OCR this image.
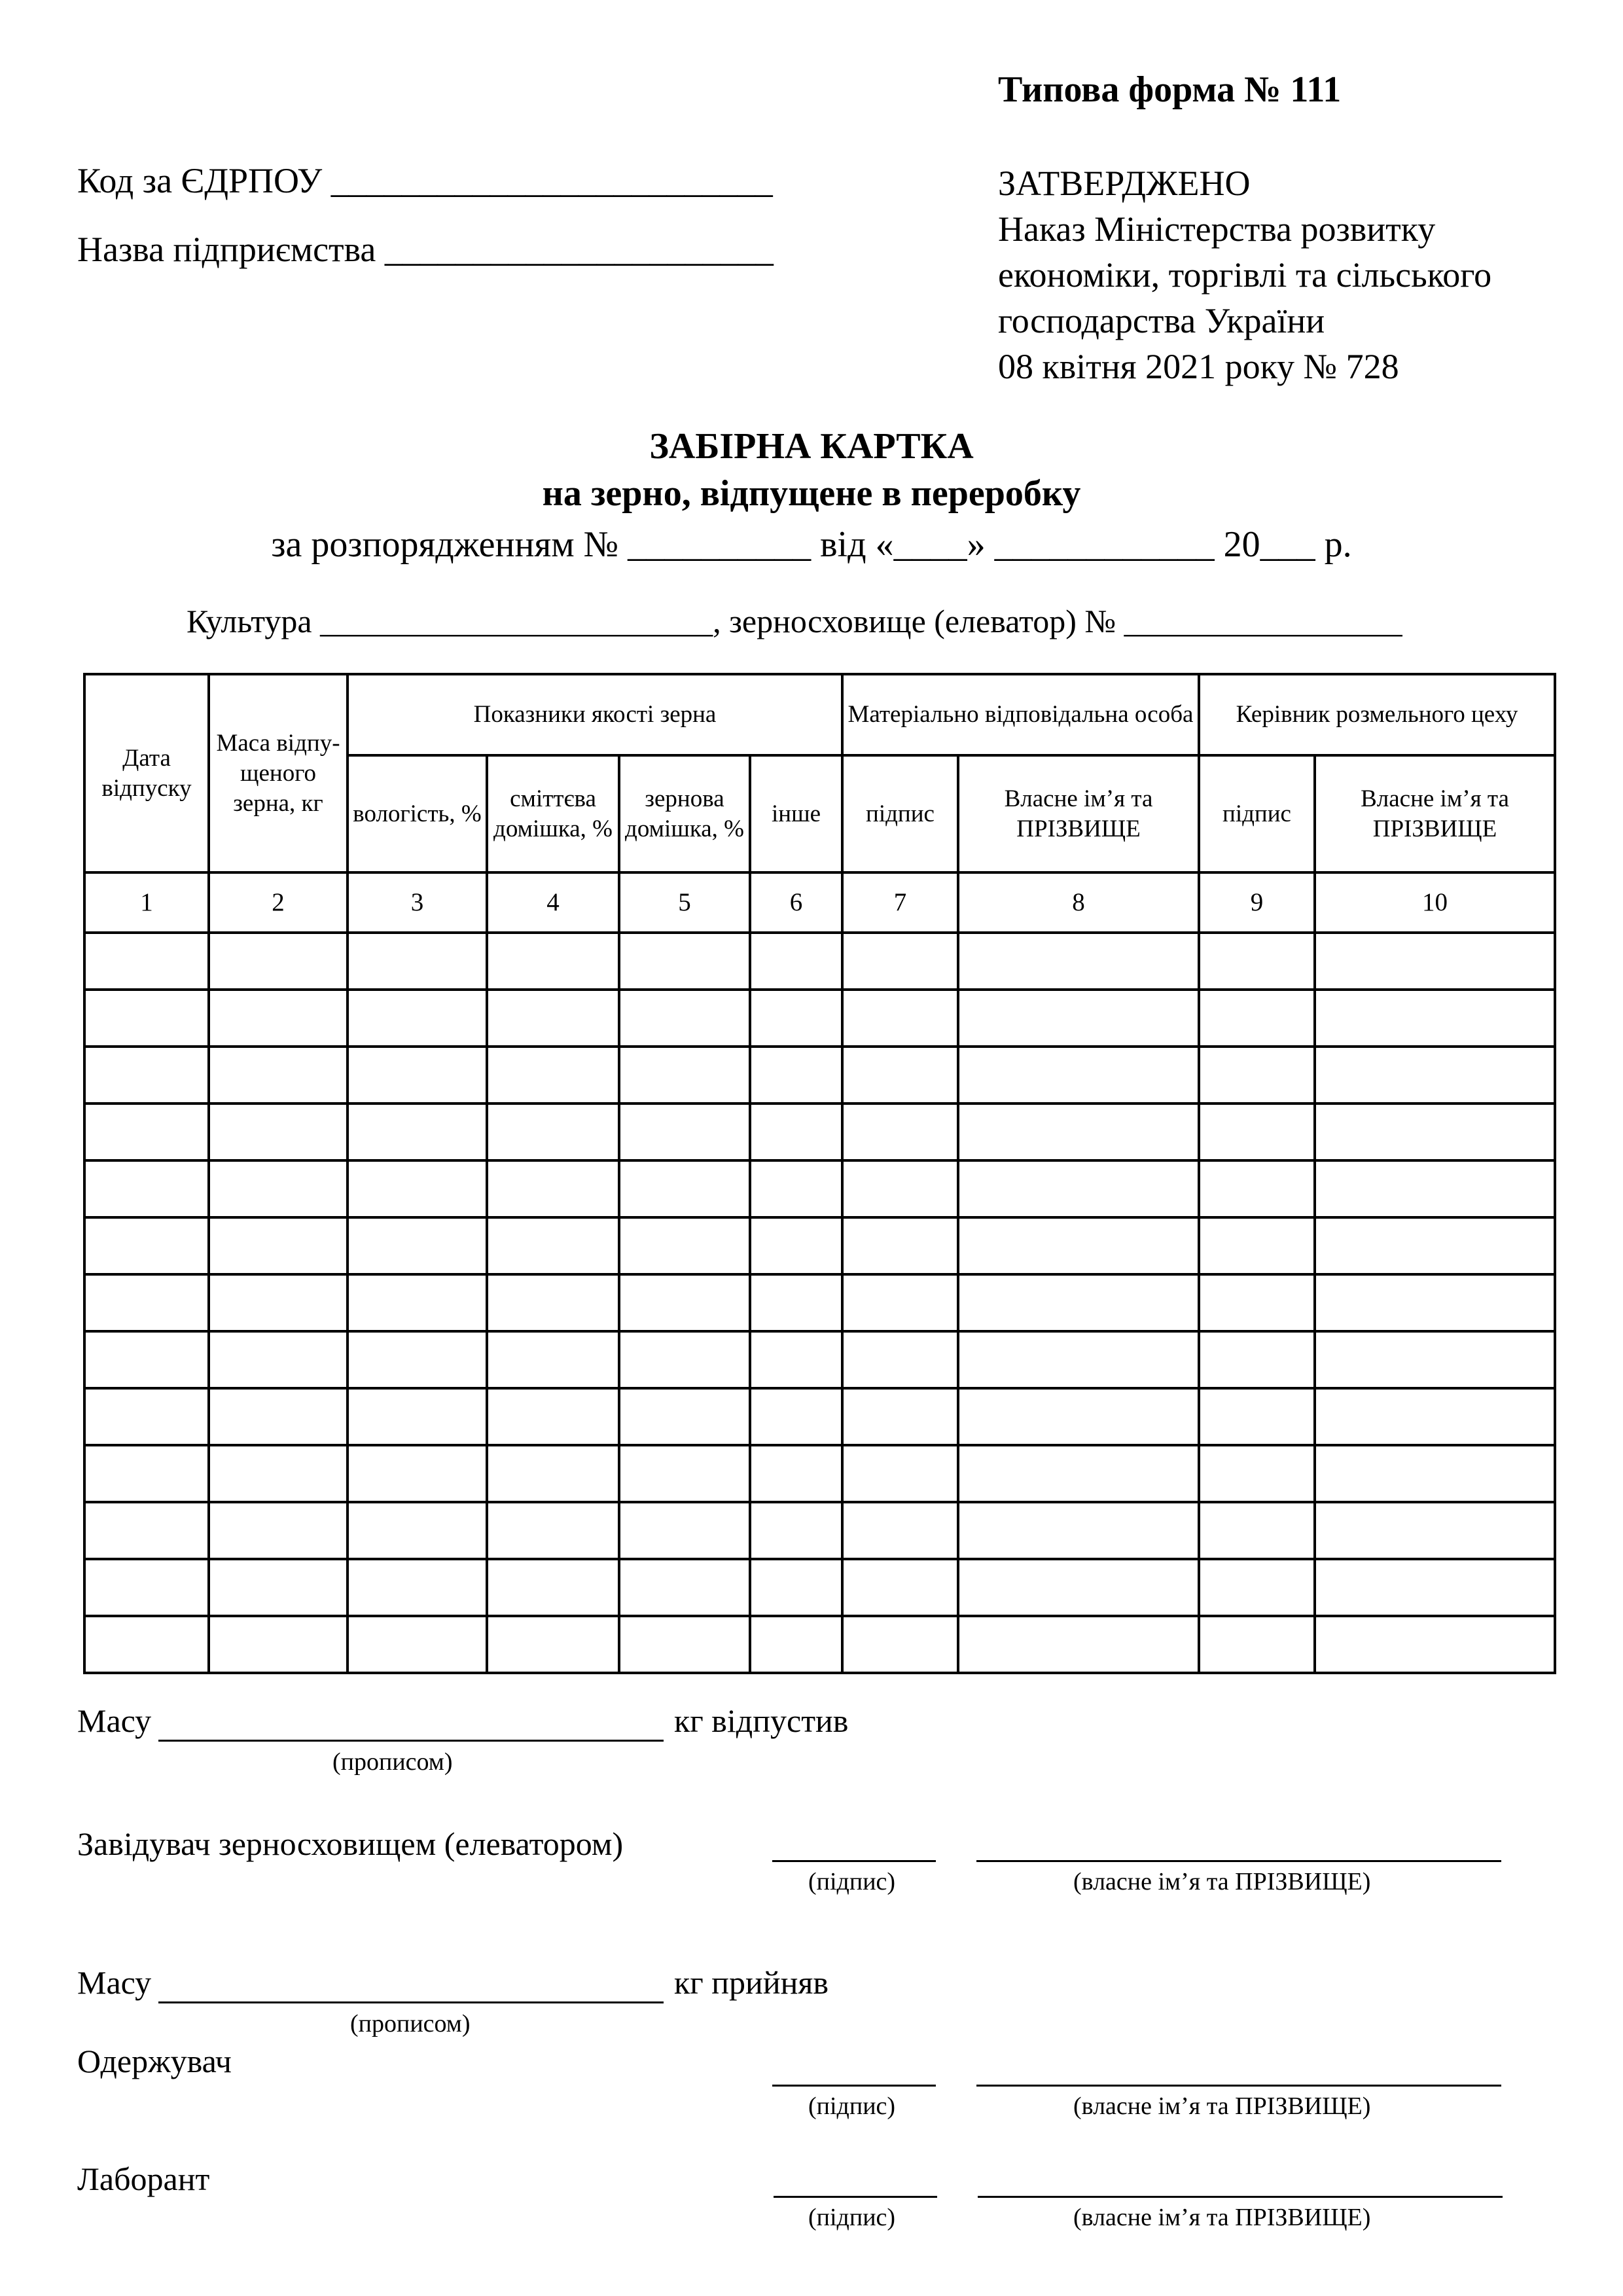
Типова форма № 111
Код за ЄДРПОУ _________________________
Назва підприємства ______________________
ЗАТВЕРДЖЕНО
Наказ Міністерства розвитку
економіки, торгівлі та сільського
господарства України
08 квітня 2021 року № 728
ЗАБІРНА КАРТКА
на зерно, відпущене в переробку
за розпорядженням № __________ від «____» ____________ 20___ р.
Культура ________________________, зерносховище (елеватор) № _________________
Дата відпуску	Маса відпу-щеного зерна, кг	Показники якості зерна				Матеріально відповідальна особа		Керівник розмельного цеху	
		вологість, %	сміттєва домішка, %	зернова домішка, %	інше	підпис	Власне ім’я та ПРІЗВИЩЕ	підпис	Власне ім’я та ПРІЗВИЩЕ
1	2	3	4	5	6	7	8	9	10

Масу	кг відпустив
(прописом)
Завідувач зерносховищем (елеватором)
(підпис)	(власне ім’я та ПРІЗВИЩЕ)
Масу	кг прийняв
(прописом)
Одержувач
(підпис)	(власне ім’я та ПРІЗВИЩЕ)
Лаборант
(підпис)	(власне ім’я та ПРІЗВИЩЕ)
